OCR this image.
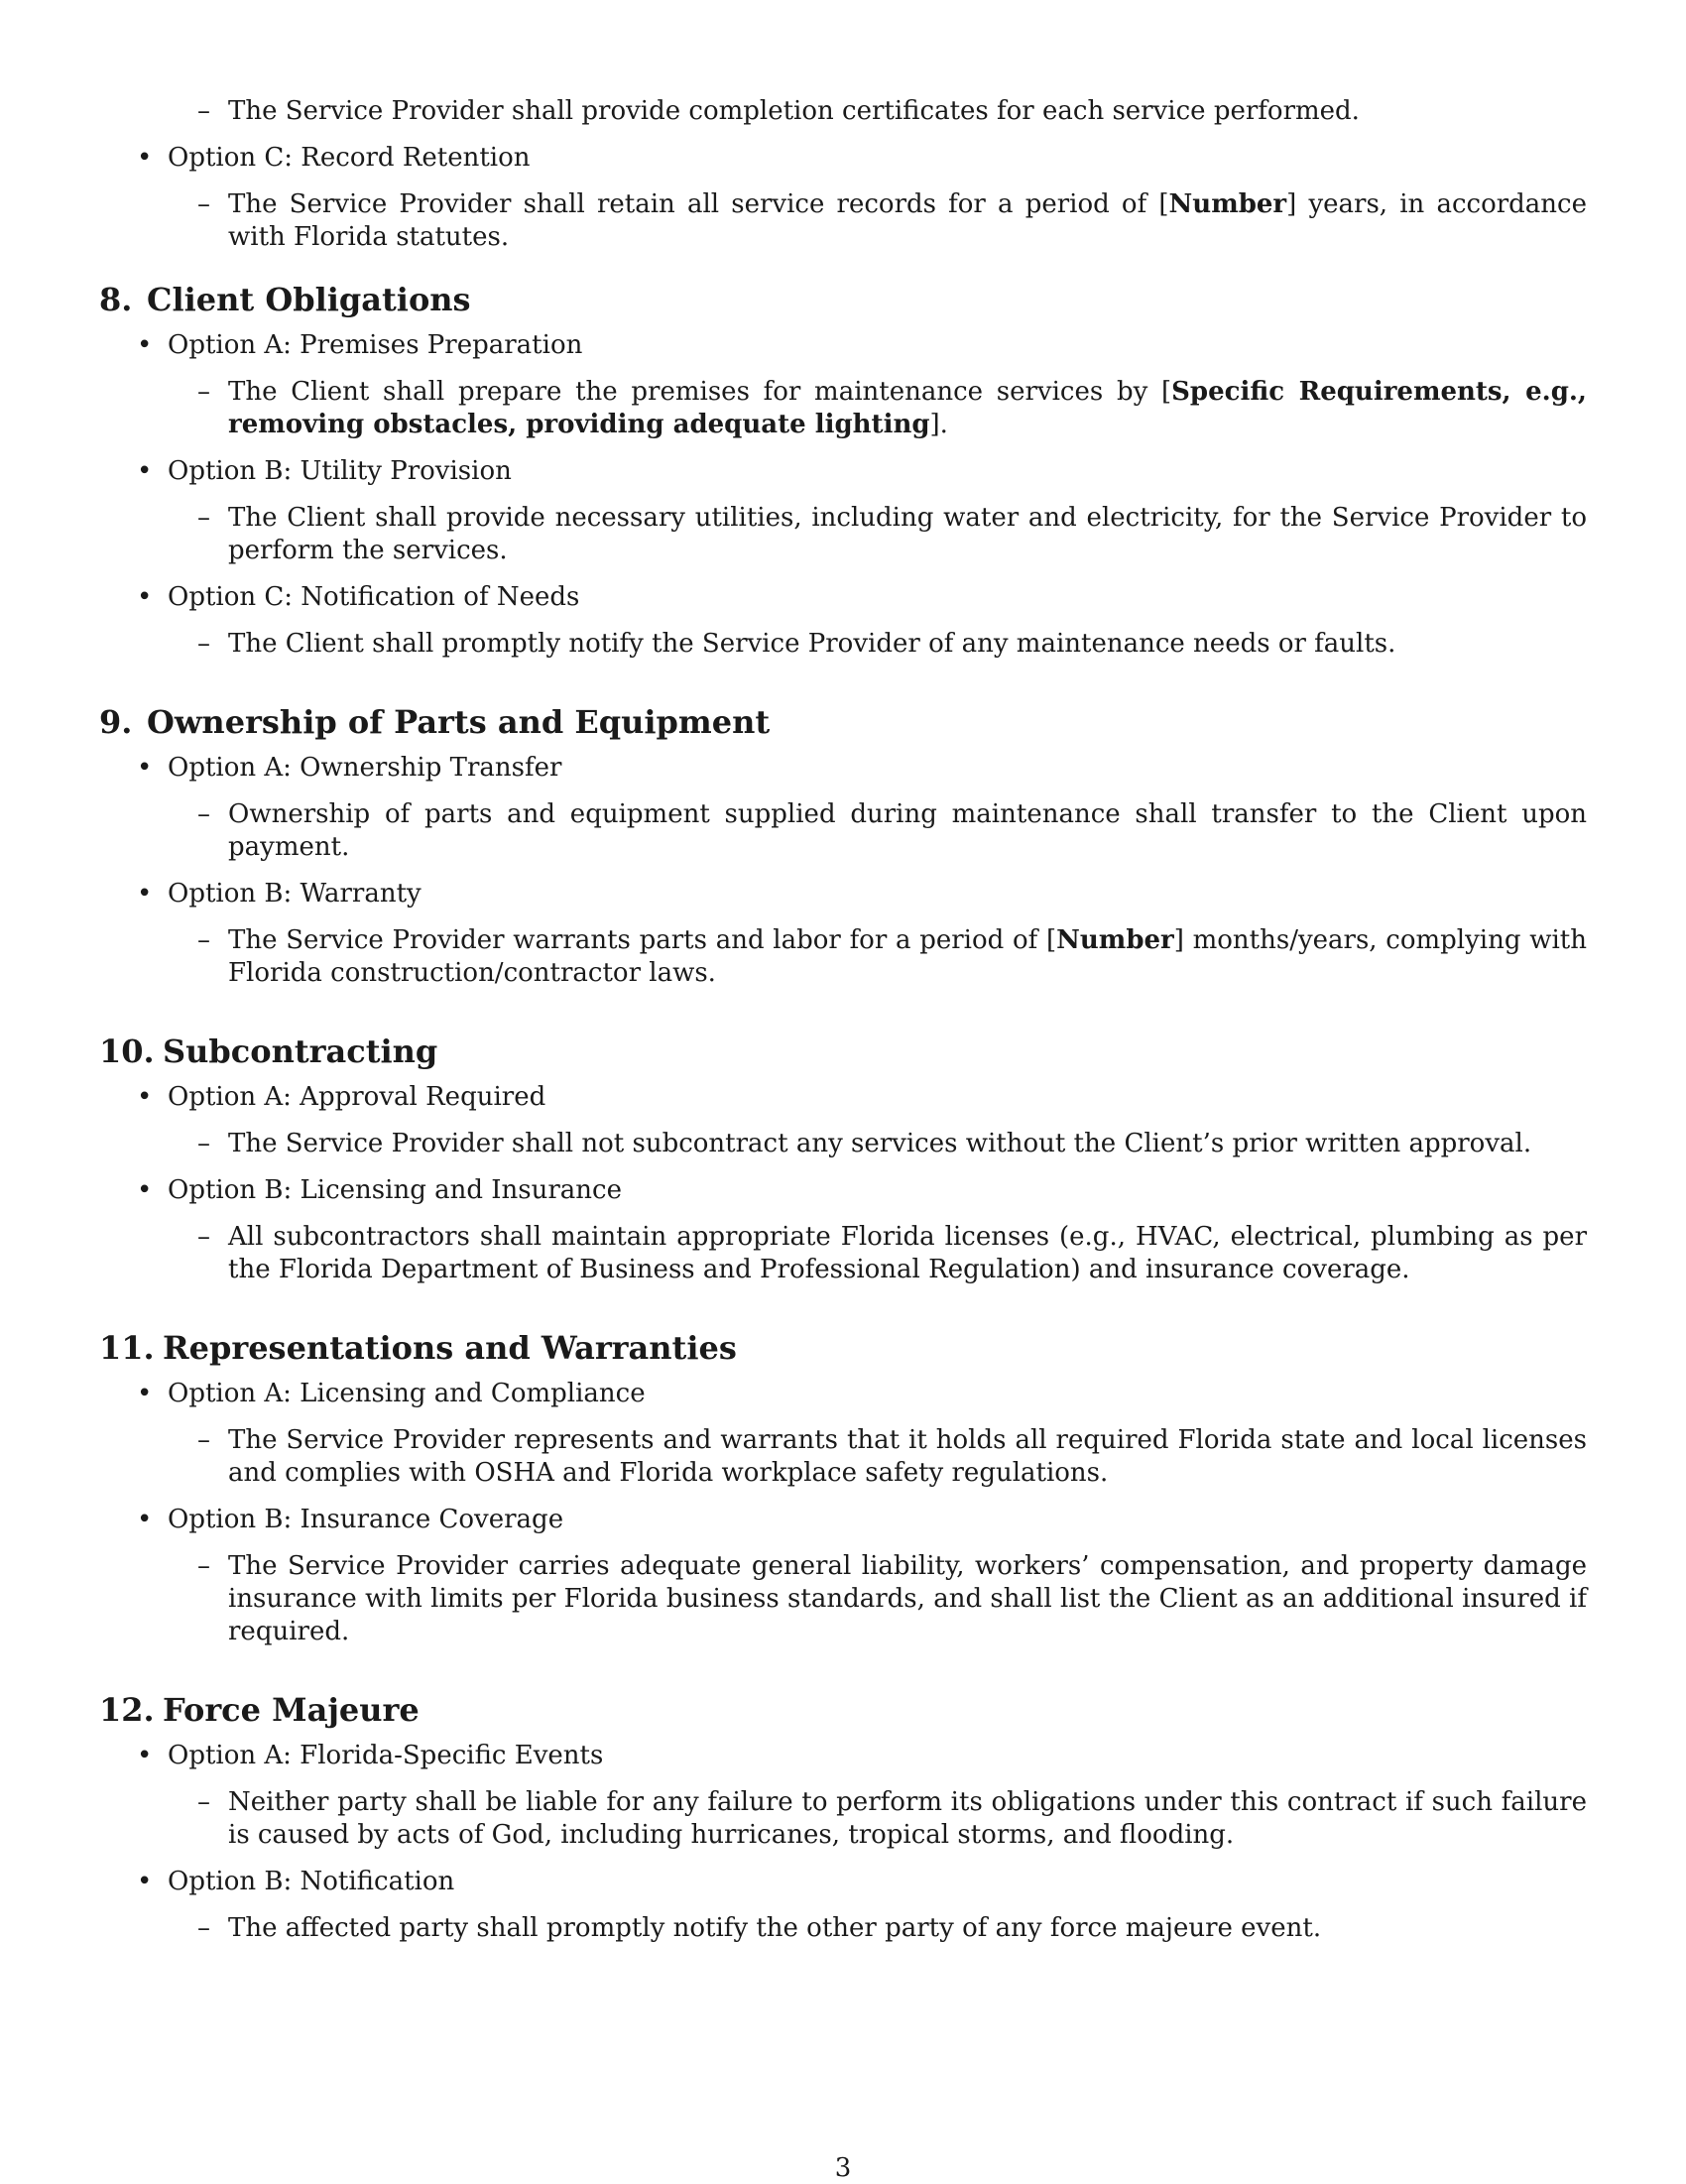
– The Service Provider shall provide completion certificates for each service performed.
• Option C: Record Retention
– The Service Provider shall retain all service records for a period of [Number] years, in accordance with Florida statutes.
8. Client Obligations
• Option A: Premises Preparation
– The Client shall prepare the premises for maintenance services by [Specific Requirements, e.g., removing obstacles, providing adequate lighting].
• Option B: Utility Provision
– The Client shall provide necessary utilities, including water and electricity, for the Service Provider to perform the services.
• Option C: Notification of Needs
– The Client shall promptly notify the Service Provider of any maintenance needs or faults.
9. Ownership of Parts and Equipment
• Option A: Ownership Transfer
– Ownership of parts and equipment supplied during maintenance shall transfer to the Client upon payment.
• Option B: Warranty
– The Service Provider warrants parts and labor for a period of [Number] months/years, complying with Florida construction/contractor laws.
10. Subcontracting
• Option A: Approval Required
– The Service Provider shall not subcontract any services without the Client’s prior written approval.
• Option B: Licensing and Insurance
– All subcontractors shall maintain appropriate Florida licenses (e.g., HVAC, electrical, plumbing as per the Florida Department of Business and Professional Regulation) and insurance coverage.
11. Representations and Warranties
• Option A: Licensing and Compliance
– The Service Provider represents and warrants that it holds all required Florida state and local licenses and complies with OSHA and Florida workplace safety regulations.
• Option B: Insurance Coverage
– The Service Provider carries adequate general liability, workers’ compensation, and property damage insurance with limits per Florida business standards, and shall list the Client as an additional insured if required.
12. Force Majeure
• Option A: Florida-Specific Events
– Neither party shall be liable for any failure to perform its obligations under this contract if such failure is caused by acts of God, including hurricanes, tropical storms, and flooding.
• Option B: Notification
– The affected party shall promptly notify the other party of any force majeure event.
3
